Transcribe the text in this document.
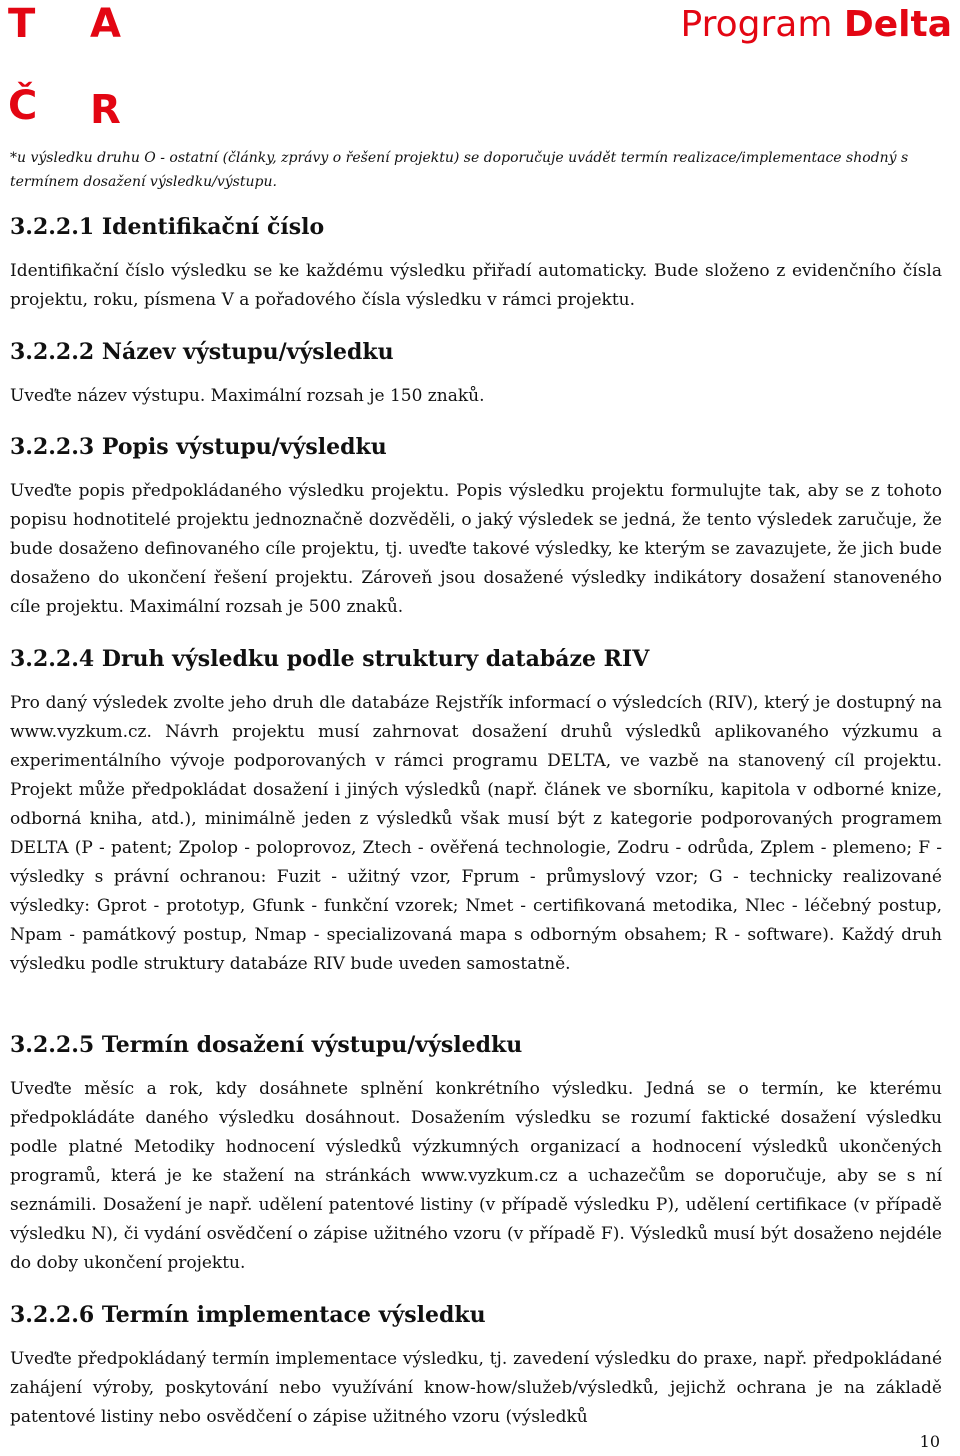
T A
Č R
Program Delta
*u výsledku druhu O - ostatní (články, zprávy o řešení projektu) se doporučuje uvádět termín realizace/implementace shodný s termínem dosažení výsledku/výstupu.
3.2.2.1 Identifikační číslo
Identifikační číslo výsledku se ke každému výsledku přiřadí automaticky. Bude složeno z evidenčního čísla projektu, roku, písmena V a pořadového čísla výsledku v rámci projektu.
3.2.2.2 Název výstupu/výsledku
Uveďte název výstupu. Maximální rozsah je 150 znaků.
3.2.2.3 Popis výstupu/výsledku
Uveďte popis předpokládaného výsledku projektu. Popis výsledku projektu formulujte tak, aby se z tohoto popisu hodnotitelé projektu jednoznačně dozvěděli, o jaký výsledek se jedná, že tento výsledek zaručuje, že bude dosaženo definovaného cíle projektu, tj. uveďte takové výsledky, ke kterým se zavazujete, že jich bude dosaženo do ukončení řešení projektu. Zároveň jsou dosažené výsledky indikátory dosažení stanoveného cíle projektu. Maximální rozsah je 500 znaků.
3.2.2.4 Druh výsledku podle struktury databáze RIV
Pro daný výsledek zvolte jeho druh dle databáze Rejstřík informací o výsledcích (RIV), který je dostupný na www.vyzkum.cz. Návrh projektu musí zahrnovat dosažení druhů výsledků aplikovaného výzkumu a experimentálního vývoje podporovaných v rámci programu DELTA, ve vazbě na stanovený cíl projektu. Projekt může předpokládat dosažení i jiných výsledků (např. článek ve sborníku, kapitola v odborné knize, odborná kniha, atd.), minimálně jeden z výsledků však musí být z kategorie podporovaných programem DELTA (P - patent; Zpolop - poloprovoz, Ztech - ověřená technologie, Zodru - odrůda, Zplem - plemeno; F - výsledky s právní ochranou: Fuzit - užitný vzor, Fprum - průmyslový vzor; G - technicky realizované výsledky: Gprot - prototyp, Gfunk - funkční vzorek; Nmet - certifikovaná metodika, Nlec - léčebný postup, Npam - památkový postup, Nmap - specializovaná mapa s odborným obsahem; R - software). Každý druh výsledku podle struktury databáze RIV bude uveden samostatně.
3.2.2.5 Termín dosažení výstupu/výsledku
Uveďte měsíc a rok, kdy dosáhnete splnění konkrétního výsledku. Jedná se o termín, ke kterému předpokládáte daného výsledku dosáhnout. Dosažením výsledku se rozumí faktické dosažení výsledku podle platné Metodiky hodnocení výsledků výzkumných organizací a hodnocení výsledků ukončených programů, která je ke stažení na stránkách www.vyzkum.cz a uchazečům se doporučuje, aby se s ní seznámili. Dosažení je např. udělení patentové listiny (v případě výsledku P), udělení certifikace (v případě výsledku N), či vydání osvědčení o zápise užitného vzoru (v případě F). Výsledků musí být dosaženo nejdéle do doby ukončení projektu.
3.2.2.6 Termín implementace výsledku
Uveďte předpokládaný termín implementace výsledku, tj. zavedení výsledku do praxe, např. předpokládané zahájení výroby, poskytování nebo využívání know-how/služeb/výsledků, jejichž ochrana je na základě patentové listiny nebo osvědčení o zápise užitného vzoru (výsledků
10
